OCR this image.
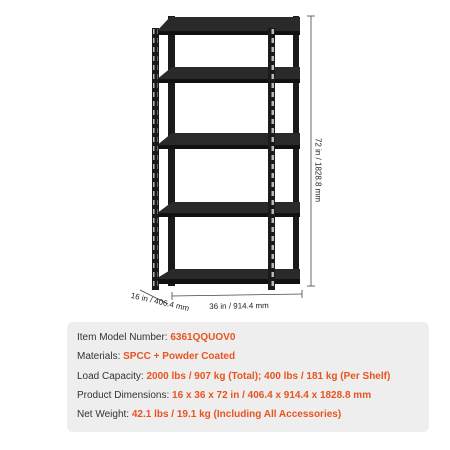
72 in / 1828.8 mm
16 in / 406.4 mm 36 in / 914.4 mm
Item Model Number: 6361QQUOV0
Materials: SPCC + Powder Coated
Load Capacity: 2000 lbs / 907 kg (Total); 400 lbs / 181 kg (Per Shelf)
Product Dimensions: 16 x 36 x 72 in / 406.4 x 914.4 x 1828.8 mm
Net Weight: 42.1 lbs / 19.1 kg (Including All Accessories)
